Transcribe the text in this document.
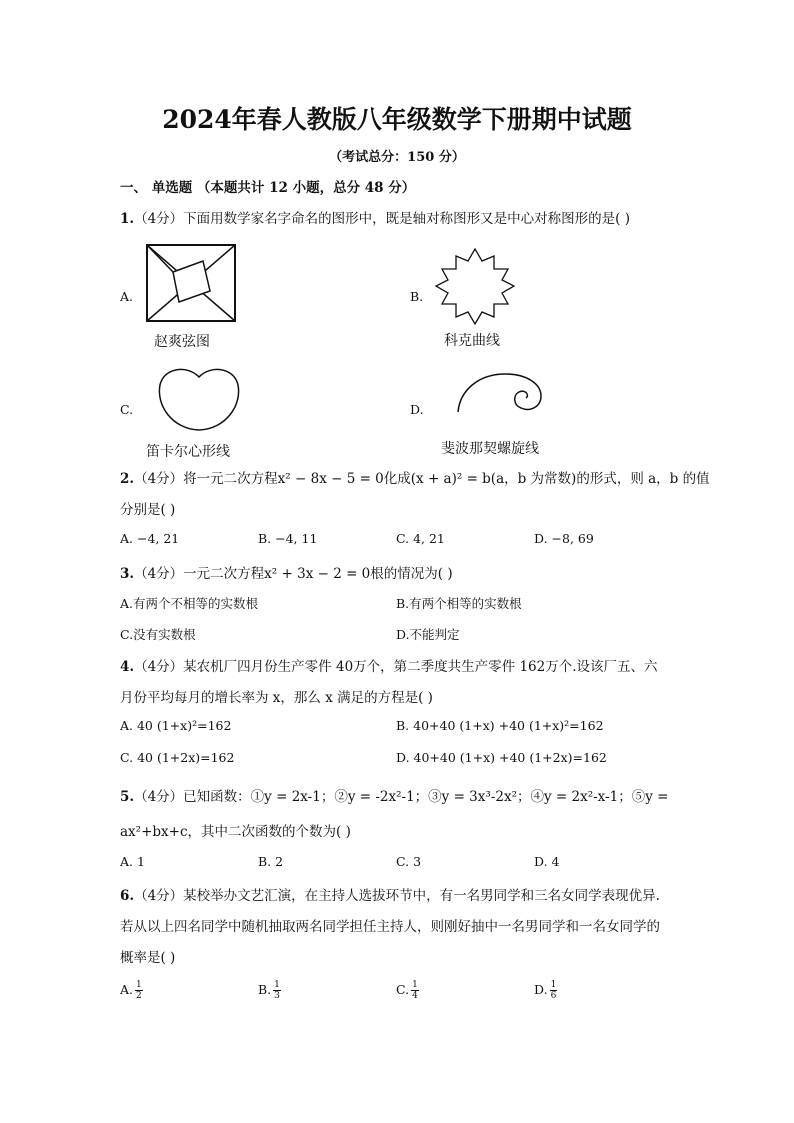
2024年春人教版八年级数学下册期中试题
（考试总分：150 分）
一、 单选题 （本题共计 12 小题，总分 48 分）
1.（4分）下面用数学家名字命名的图形中，既是轴对称图形又是中心对称图形的是( )
A.
赵爽弦图
B.
科克曲线
C.
笛卡尔心形线
D.
斐波那契螺旋线
2.（4分）将一元二次方程x² − 8x − 5 = 0化成(x + a)² = b(a，b 为常数)的形式，则 a，b 的值
分别是( )
A. −4, 21	B. −4, 11	C. 4, 21	D. −8, 69
3.（4分）一元二次方程x² + 3x − 2 = 0根的情况为( )
A.有两个不相等的实数根	B.有两个相等的实数根
C.没有实数根	D.不能判定
4.（4分）某农机厂四月份生产零件 40万个，第二季度共生产零件 162万个.设该厂五、六
月份平均每月的增长率为 x，那么 x 满足的方程是( )
A. 40 (1+x)²=162	B. 40+40 (1+x) +40 (1+x)²=162
C. 40 (1+2x)=162	D. 40+40 (1+x) +40 (1+2x)=162
5.（4分）已知函数：①y = 2x-1；②y = -2x²-1；③y = 3x³-2x²；④y = 2x²-x-1；⑤y =
ax²+bx+c，其中二次函数的个数为( )
A. 1	B. 2	C. 3	D. 4
6.（4分）某校举办文艺汇演，在主持人选拔环节中，有一名男同学和三名女同学表现优异.
若从以上四名同学中随机抽取两名同学担任主持人，则刚好抽中一名男同学和一名女同学的
概率是( )
A. $\frac{1}{2}$	B. $\frac{1}{3}$	C. $\frac{1}{4}$	D. $\frac{1}{6}$
